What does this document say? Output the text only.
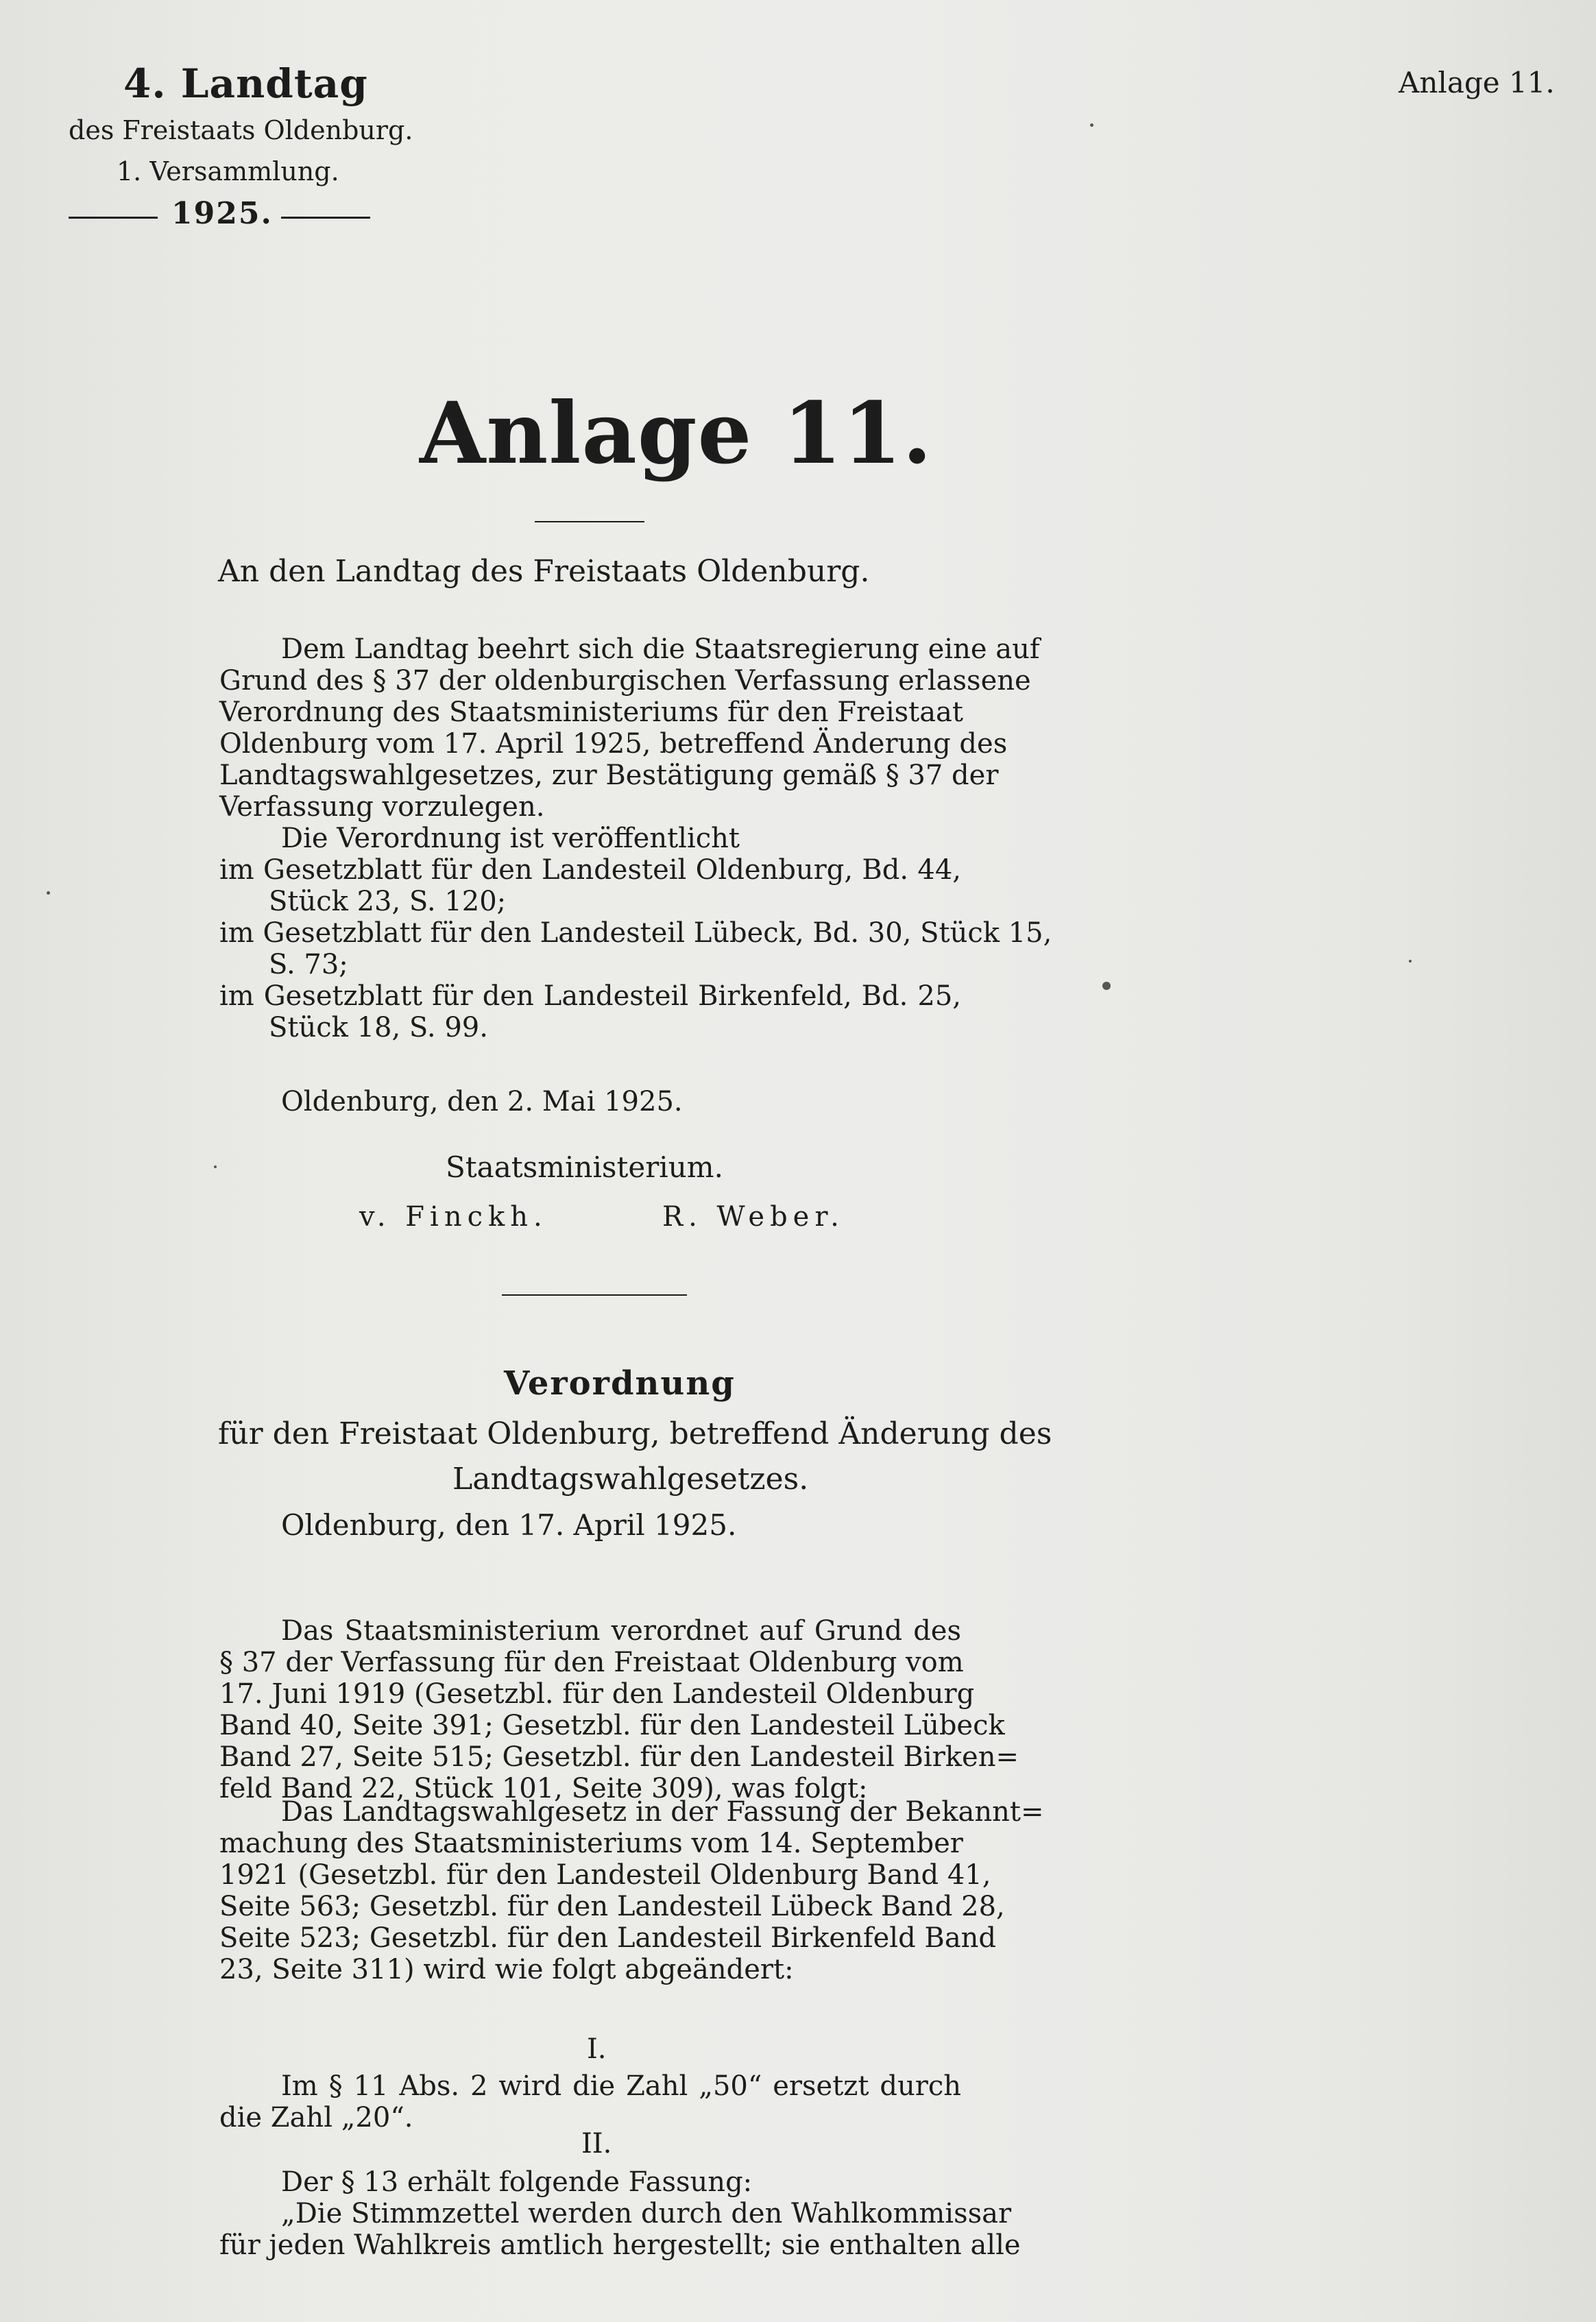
4. Landtag
des Freistaats Oldenburg.
1. Versammlung.
1925.
Anlage 11.
Anlage 11.
An den Landtag des Freistaats Oldenburg.
Dem Landtag beehrt sich die Staatsregierung eine auf
Grund des § 37 der oldenburgischen Verfassung erlassene
Verordnung des Staatsministeriums für den Freistaat
Oldenburg vom 17. April 1925, betreffend Änderung des
Landtagswahlgesetzes, zur Bestätigung gemäß § 37 der
Verfassung vorzulegen.
Die Verordnung ist veröffentlicht
im Gesetzblatt für den Landesteil Oldenburg, Bd. 44,
Stück 23, S. 120;
im Gesetzblatt für den Landesteil Lübeck, Bd. 30, Stück 15,
S. 73;
im Gesetzblatt für den Landesteil Birkenfeld, Bd. 25,
Stück 18, S. 99.
Oldenburg, den 2. Mai 1925.
Staatsministerium.
v. Finckh.	R. Weber.
Verordnung
für den Freistaat Oldenburg, betreffend Änderung des
Landtagswahlgesetzes.
Oldenburg, den 17. April 1925.
Das Staatsministerium verordnet auf Grund des
§ 37 der Verfassung für den Freistaat Oldenburg vom
17. Juni 1919 (Gesetzbl. für den Landesteil Oldenburg
Band 40, Seite 391; Gesetzbl. für den Landesteil Lübeck
Band 27, Seite 515; Gesetzbl. für den Landesteil Birken=
feld Band 22, Stück 101, Seite 309), was folgt:
Das Landtagswahlgesetz in der Fassung der Bekannt=
machung des Staatsministeriums vom 14. September
1921 (Gesetzbl. für den Landesteil Oldenburg Band 41,
Seite 563; Gesetzbl. für den Landesteil Lübeck Band 28,
Seite 523; Gesetzbl. für den Landesteil Birkenfeld Band
23, Seite 311) wird wie folgt abgeändert:
I.
Im § 11 Abs. 2 wird die Zahl „50“ ersetzt durch
die Zahl „20“.
II.
Der § 13 erhält folgende Fassung:
„Die Stimmzettel werden durch den Wahlkommissar
für jeden Wahlkreis amtlich hergestellt; sie enthalten alle
